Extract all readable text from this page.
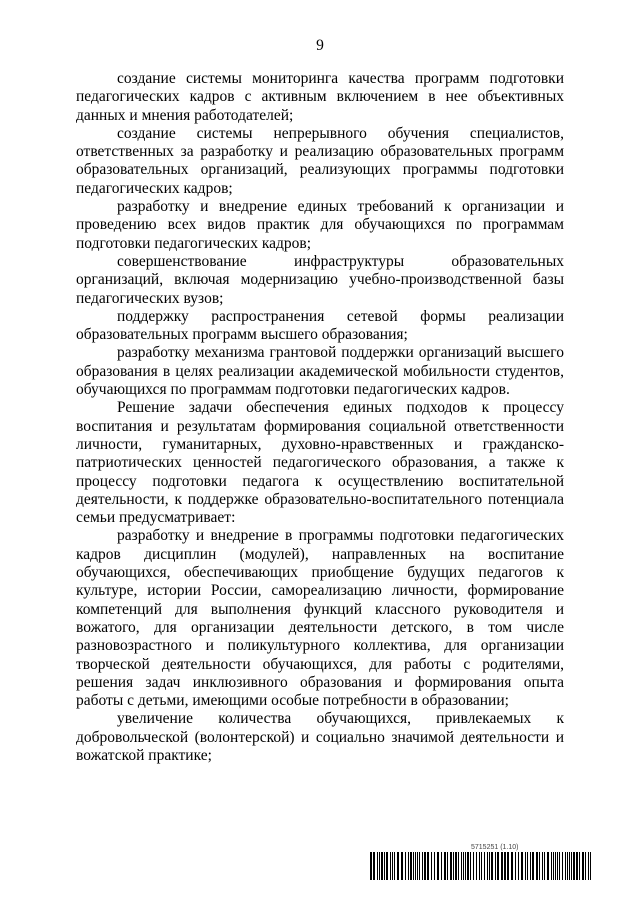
9

создание системы мониторинга качества программ подготовки педагогических кадров с активным включением в нее объективных данных и мнения работодателей;

создание системы непрерывного обучения специалистов, ответственных за разработку и реализацию образовательных программ образовательных организаций, реализующих программы подготовки педагогических кадров;

разработку и внедрение единых требований к организации и проведению всех видов практик для обучающихся по программам подготовки педагогических кадров;

совершенствование инфраструктуры образовательных организаций, включая модернизацию учебно-производственной базы педагогических вузов;

поддержку распространения сетевой формы реализации образовательных программ высшего образования;

разработку механизма грантовой поддержки организаций высшего образования в целях реализации академической мобильности студентов, обучающихся по программам подготовки педагогических кадров.

Решение задачи обеспечения единых подходов к процессу воспитания и результатам формирования социальной ответственности личности, гуманитарных, духовно-нравственных и гражданско-патриотических ценностей педагогического образования, а также к процессу подготовки педагога к осуществлению воспитательной деятельности, к поддержке образовательно-воспитательного потенциала семьи предусматривает:

разработку и внедрение в программы подготовки педагогических кадров дисциплин (модулей), направленных на воспитание обучающихся, обеспечивающих приобщение будущих педагогов к культуре, истории России, самореализацию личности, формирование компетенций для выполнения функций классного руководителя и вожатого, для организации деятельности детского, в том числе разновозрастного и поликультурного коллектива, для организации творческой деятельности обучающихся, для работы с родителями, решения задач инклюзивного образования и формирования опыта работы с детьми, имеющими особые потребности в образовании;

увеличение количества обучающихся, привлекаемых к добровольческой (волонтерской) и социально значимой деятельности и вожатской практике;

5715251 (1.10)
